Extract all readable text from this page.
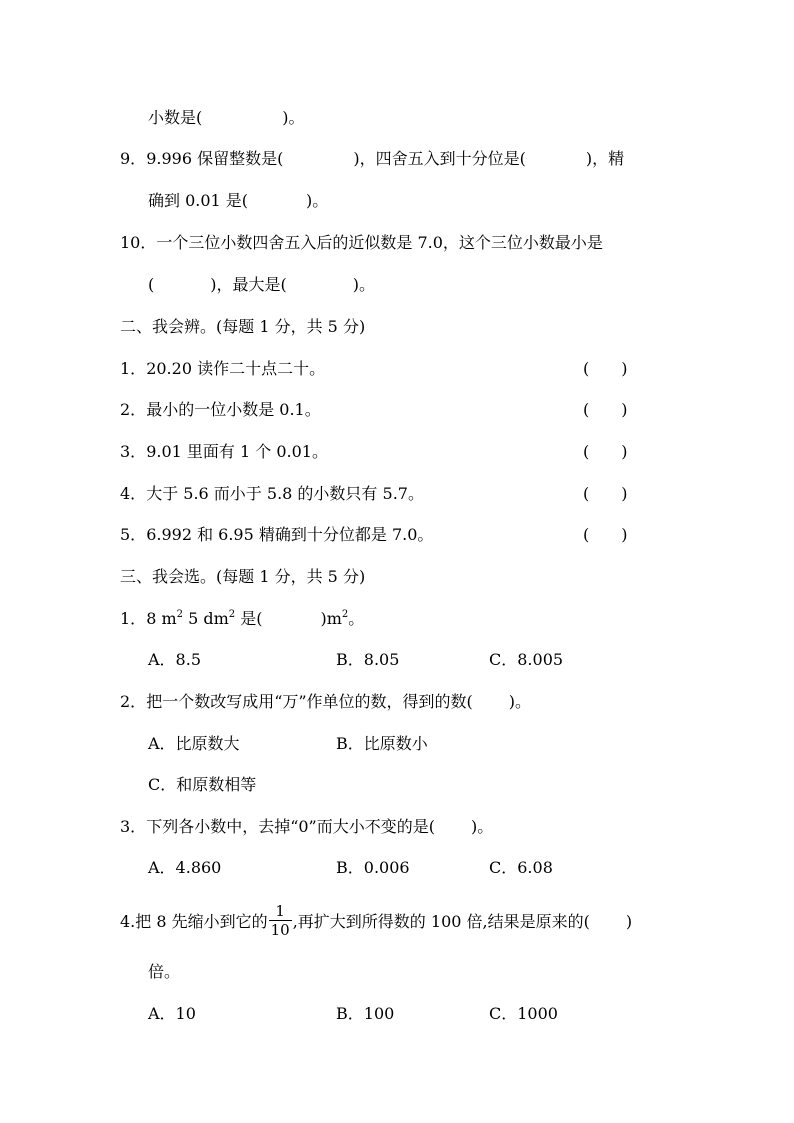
小数是(	)。
9．9.996 保留整数是(	)，四舍五入到十分位是(	)，精
确到 0.01 是(	)。
10．一个三位小数四舍五入后的近似数是 7.0，这个三位小数最小是
(	)，最大是(	)。
二、我会辨。(每题 1 分，共 5 分)
1．20.20 读作二十点二十。	(　　)
2．最小的一位小数是 0.1。	(　　)
3．9.01 里面有 1 个 0.01。	(　　)
4．大于 5.6 而小于 5.8 的小数只有 5.7。	(　　)
5．6.992 和 6.95 精确到十分位都是 7.0。	(　　)
三、我会选。(每题 1 分，共 5 分)
1．8 $m^2$ 5 $dm^2$ 是(	)$m^2$。
A．8.5	B．8.05	C．8.005
2．把一个数改写成用“万”作单位的数，得到的数( )。
A．比原数大	B．比原数小
C．和原数相等
3．下列各小数中，去掉“0”而大小不变的是( )。
A．4.860	B．0.006	C．6.08
4.把 8 先缩小到它的 $\frac{1}{10}$ ,再扩大到所得数的 100 倍,结果是原来的( )
倍。
A．10	B．100	C．1000
